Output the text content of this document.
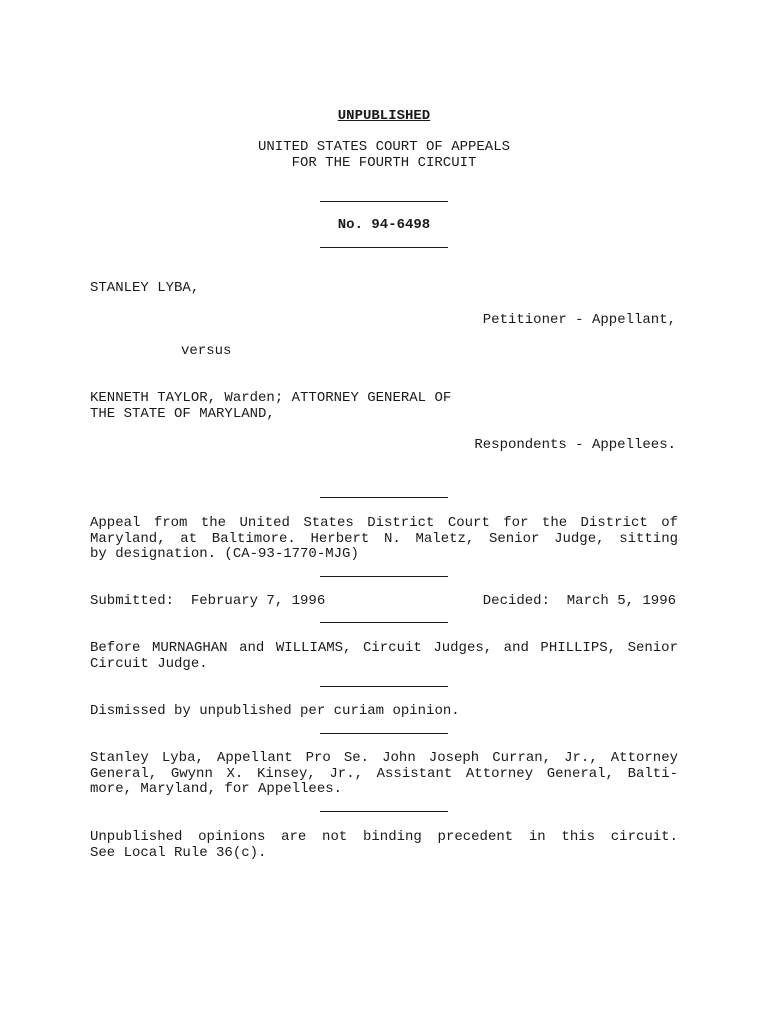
UNPUBLISHED
UNITED STATES COURT OF APPEALS
FOR THE FOURTH CIRCUIT
No. 94-6498
STANLEY LYBA,
Petitioner - Appellant,
versus
KENNETH TAYLOR, Warden; ATTORNEY GENERAL OF
THE STATE OF MARYLAND,
Respondents - Appellees.
Appeal from the United States District Court for the District of
Maryland, at Baltimore. Herbert N. Maletz, Senior Judge, sitting
by designation. (CA-93-1770-MJG)
Submitted:  February 7, 1996	Decided:  March 5, 1996
Before MURNAGHAN and WILLIAMS, Circuit Judges, and PHILLIPS, Senior
Circuit Judge.
Dismissed by unpublished per curiam opinion.
Stanley Lyba, Appellant Pro Se. John Joseph Curran, Jr., Attorney
General, Gwynn X. Kinsey, Jr., Assistant Attorney General, Balti-
more, Maryland, for Appellees.
Unpublished opinions are not binding precedent in this circuit.
See Local Rule 36(c).
